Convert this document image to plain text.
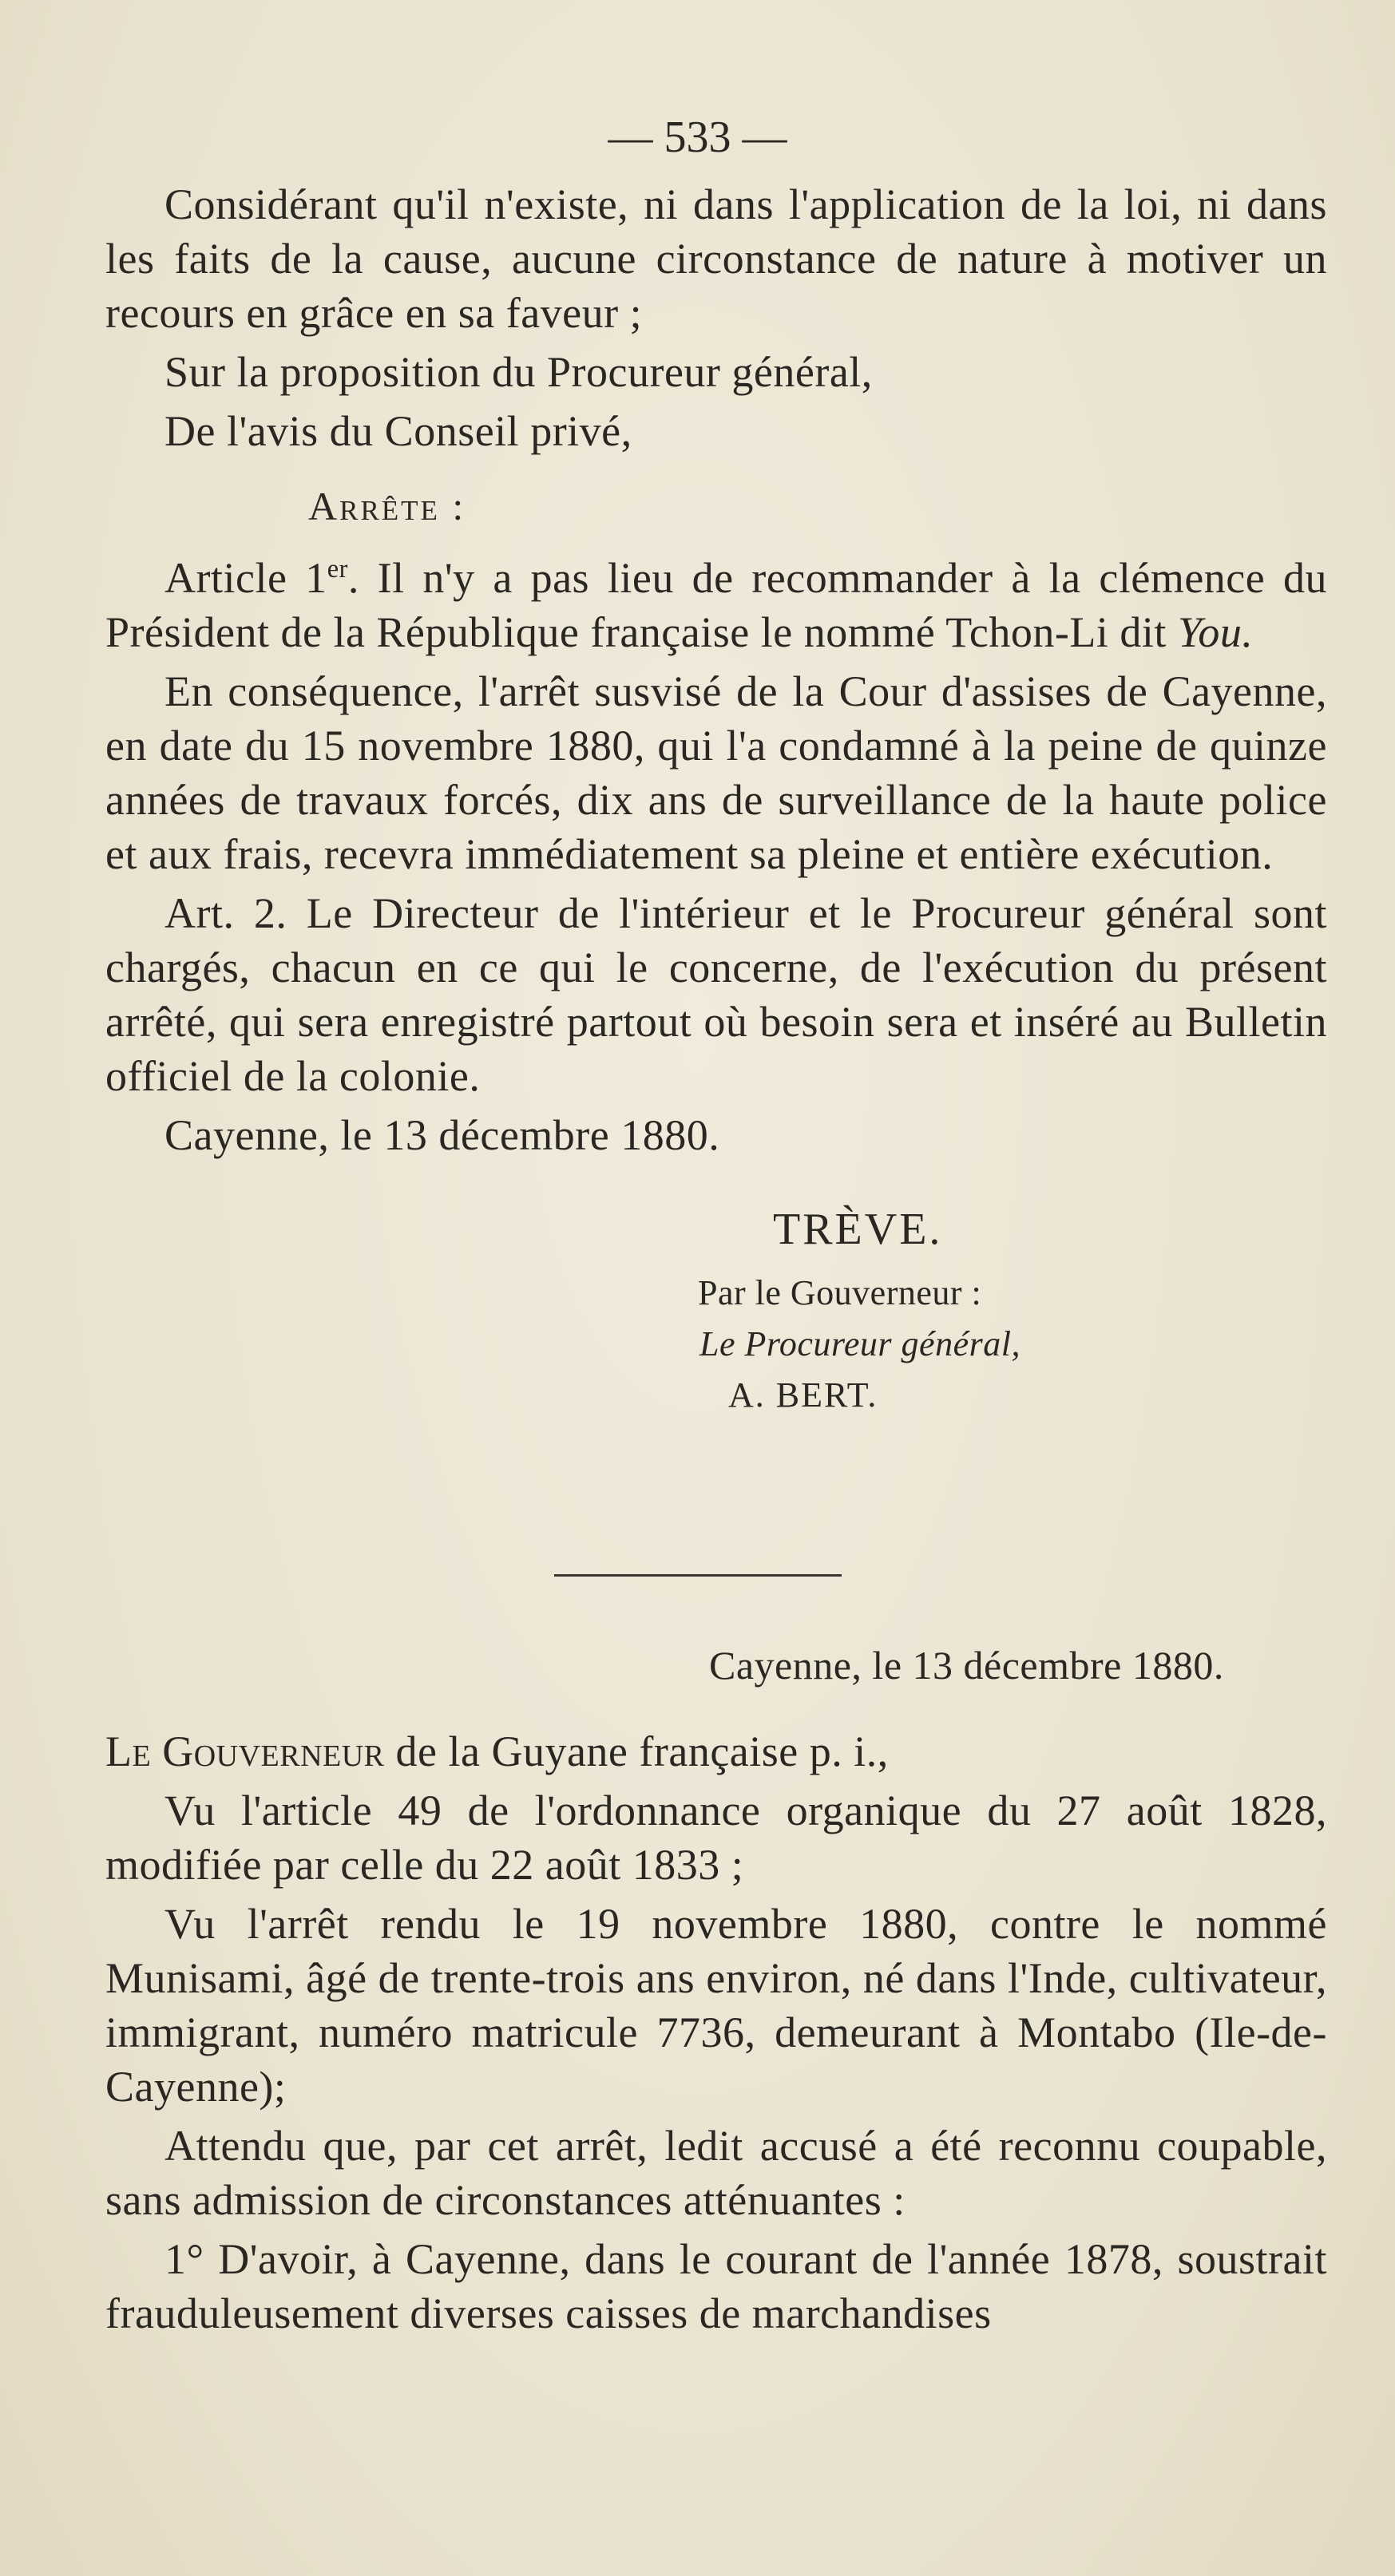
— 533 —

Considérant qu'il n'existe, ni dans l'application de la loi, ni dans les faits de la cause, aucune circonstance de nature à motiver un recours en grâce en sa faveur ;

Sur la proposition du Procureur général,

De l'avis du Conseil privé,

Arrête :

Article 1er. Il n'y a pas lieu de recommander à la clémence du Président de la République française le nommé Tchon-Li dit You.

En conséquence, l'arrêt susvisé de la Cour d'assises de Cayenne, en date du 15 novembre 1880, qui l'a condamné à la peine de quinze années de travaux forcés, dix ans de surveillance de la haute police et aux frais, recevra immédiatement sa pleine et entière exécution.

Art. 2. Le Directeur de l'intérieur et le Procureur général sont chargés, chacun en ce qui le concerne, de l'exécution du présent arrêté, qui sera enregistré partout où besoin sera et inséré au Bulletin officiel de la colonie.

Cayenne, le 13 décembre 1880.

TRÈVE.
Par le Gouverneur :
Le Procureur général,
A. BERT.
Cayenne, le 13 décembre 1880.

Le Gouverneur de la Guyane française p. i.,

Vu l'article 49 de l'ordonnance organique du 27 août 1828, modifiée par celle du 22 août 1833 ;

Vu l'arrêt rendu le 19 novembre 1880, contre le nommé Munisami, âgé de trente-trois ans environ, né dans l'Inde, cultivateur, immigrant, numéro matricule 7736, demeurant à Montabo (Ile-de-Cayenne);

Attendu que, par cet arrêt, ledit accusé a été reconnu coupable, sans admission de circonstances atténuantes :

1° D'avoir, à Cayenne, dans le courant de l'année 1878, soustrait frauduleusement diverses caisses de marchandises
